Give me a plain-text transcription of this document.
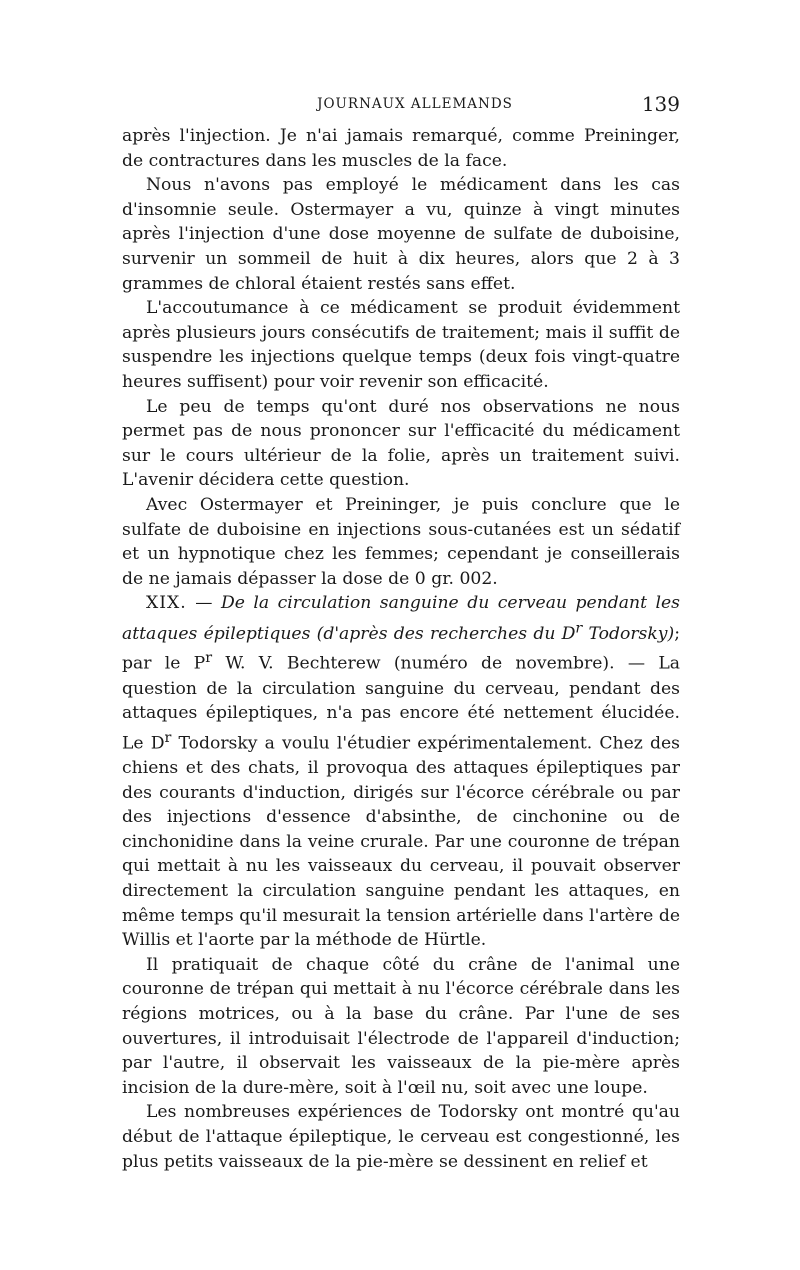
JOURNAUX ALLEMANDS	139

après l'injection. Je n'ai jamais remarqué, comme Preininger, de contractures dans les muscles de la face.

Nous n'avons pas employé le médicament dans les cas d'insomnie seule. Ostermayer a vu, quinze à vingt minutes après l'injection d'une dose moyenne de sulfate de duboisine, survenir un sommeil de huit à dix heures, alors que 2 à 3 grammes de chloral étaient restés sans effet.

L'accoutumance à ce médicament se produit évidemment après plusieurs jours consécutifs de traitement; mais il suffit de suspendre les injections quelque temps (deux fois vingt-quatre heures suffisent) pour voir revenir son efficacité.

Le peu de temps qu'ont duré nos observations ne nous permet pas de nous prononcer sur l'efficacité du médicament sur le cours ultérieur de la folie, après un traitement suivi. L'avenir décidera cette question.

Avec Ostermayer et Preininger, je puis conclure que le sulfate de duboisine en injections sous-cutanées est un sédatif et un hypnotique chez les femmes; cependant je conseillerais de ne jamais dépasser la dose de 0 gr. 002.

XIX. — De la circulation sanguine du cerveau pendant les attaques épileptiques (d'après des recherches du $D^r$ Todorsky); par le $P^r$ W. V. Bechterew (numéro de novembre). — La question de la circulation sanguine du cerveau, pendant des attaques épileptiques, n'a pas encore été nettement élucidée. Le $D^r$ Todorsky a voulu l'étudier expérimentalement. Chez des chiens et des chats, il provoqua des attaques épileptiques par des courants d'induction, dirigés sur l'écorce cérébrale ou par des injections d'essence d'absinthe, de cinchonine ou de cinchonidine dans la veine crurale. Par une couronne de trépan qui mettait à nu les vaisseaux du cerveau, il pouvait observer directement la circulation sanguine pendant les attaques, en même temps qu'il mesurait la tension artérielle dans l'artère de Willis et l'aorte par la méthode de Hürtle.

Il pratiquait de chaque côté du crâne de l'animal une couronne de trépan qui mettait à nu l'écorce cérébrale dans les régions motrices, ou à la base du crâne. Par l'une de ses ouvertures, il introduisait l'électrode de l'appareil d'induction; par l'autre, il observait les vaisseaux de la pie-mère après incision de la dure-mère, soit à l'œil nu, soit avec une loupe.

Les nombreuses expériences de Todorsky ont montré qu'au début de l'attaque épileptique, le cerveau est congestionné, les plus petits vaisseaux de la pie-mère se dessinent en relief et
